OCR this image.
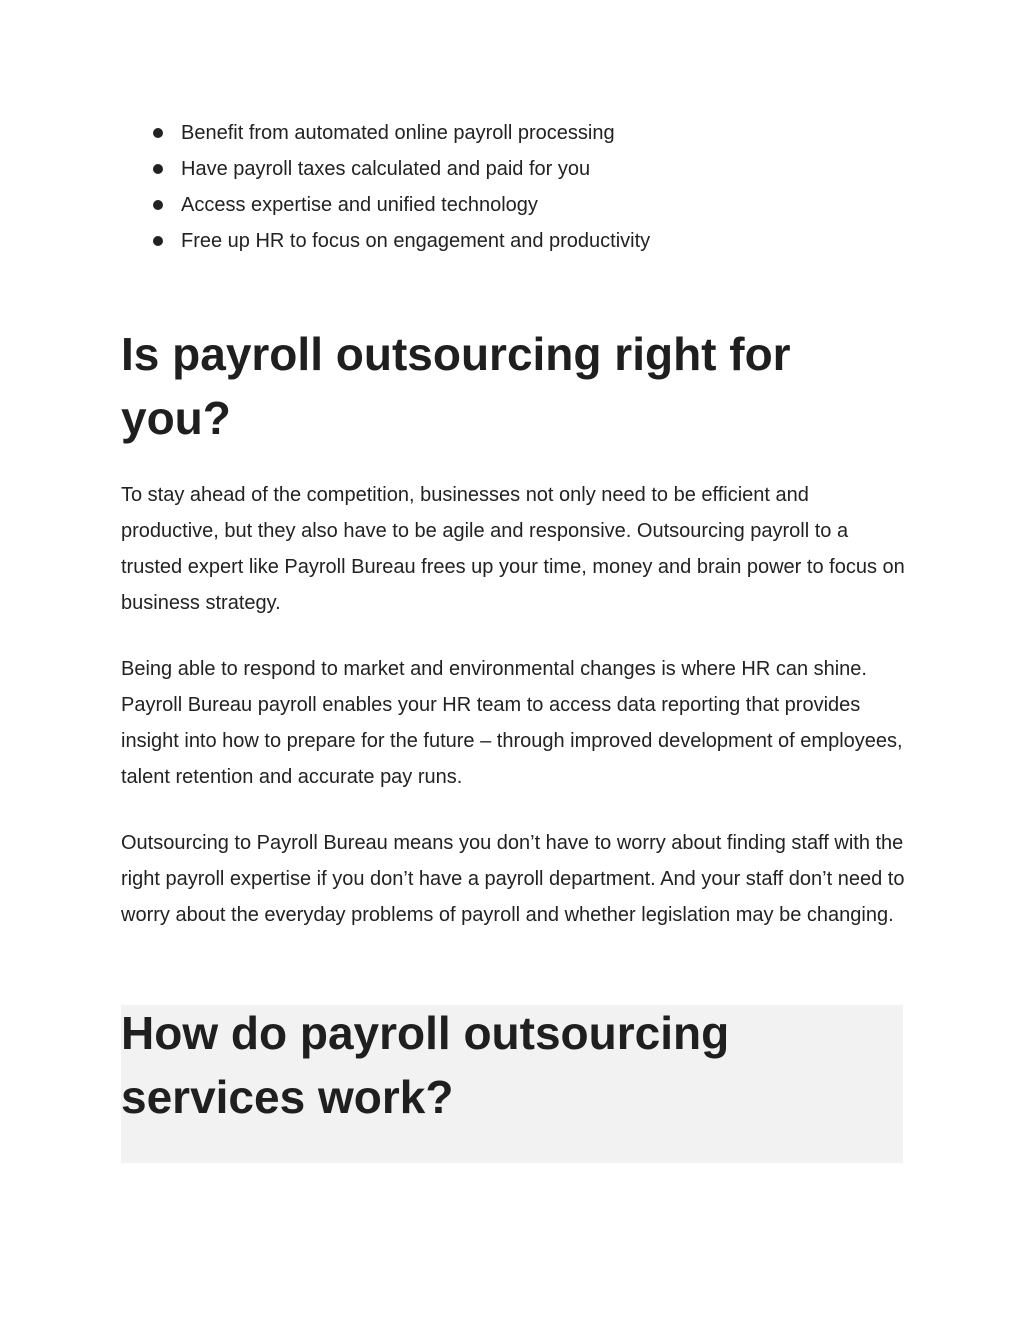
Benefit from automated online payroll processing
Have payroll taxes calculated and paid for you
Access expertise and unified technology
Free up HR to focus on engagement and productivity
Is payroll outsourcing right for you?

To stay ahead of the competition, businesses not only need to be efficient and productive, but they also have to be agile and responsive. Outsourcing payroll to a trusted expert like Payroll Bureau frees up your time, money and brain power to focus on business strategy.

Being able to respond to market and environmental changes is where HR can shine. Payroll Bureau payroll enables your HR team to access data reporting that provides insight into how to prepare for the future – through improved development of employees, talent retention and accurate pay runs.

Outsourcing to Payroll Bureau means you don’t have to worry about finding staff with the right payroll expertise if you don’t have a payroll department. And your staff don’t need to worry about the everyday problems of payroll and whether legislation may be changing.

How do payroll outsourcing services work?
